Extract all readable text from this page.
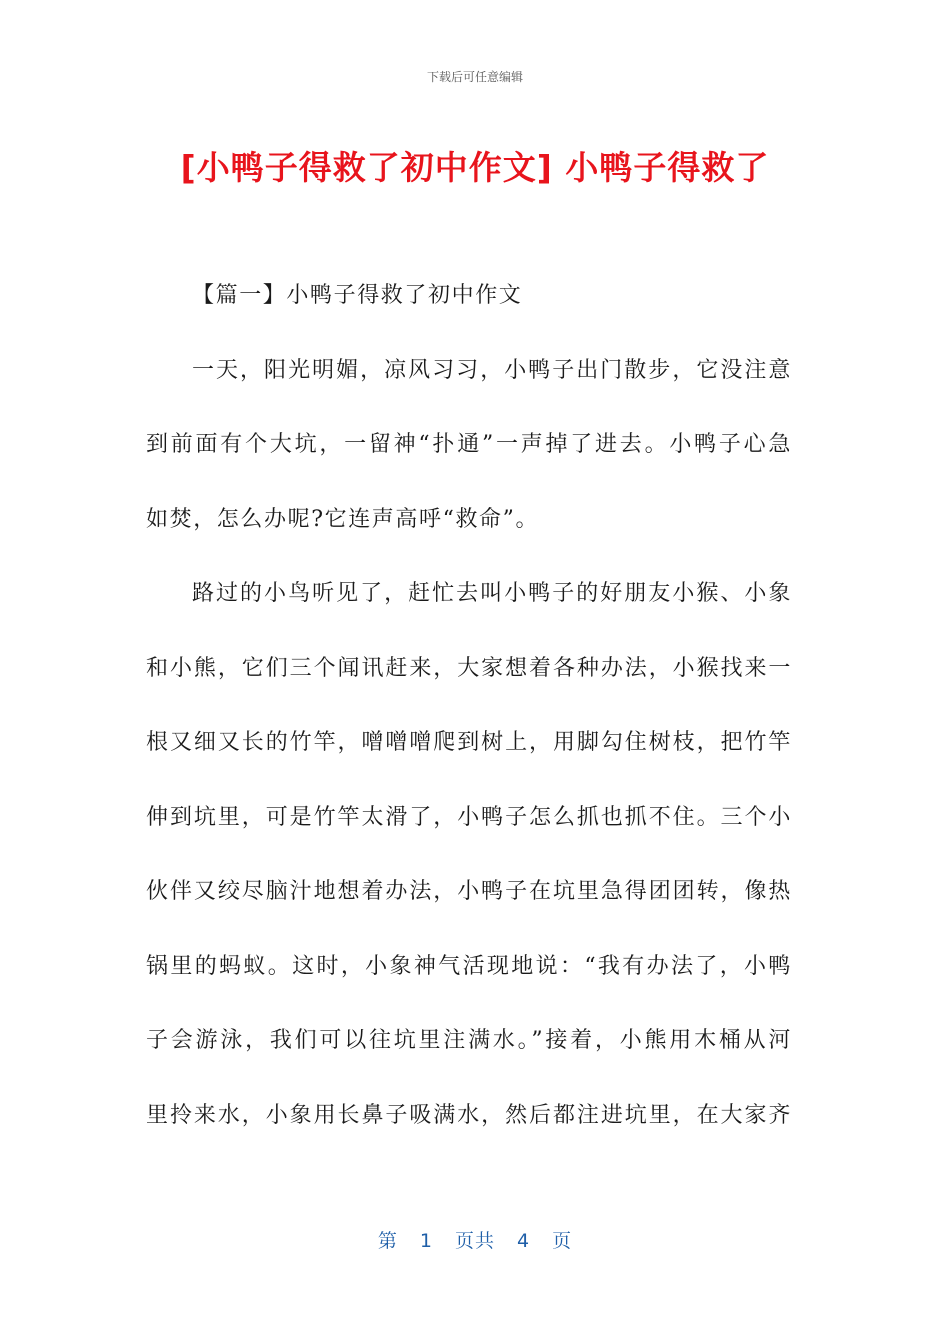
下载后可任意编辑
[小鸭子得救了初中作文] 小鸭子得救了
【篇一】小鸭子得救了初中作文
一天，阳光明媚，凉风习习，小鸭子出门散步，它没注意
到前面有个大坑，一留神“扑通”一声掉了进去。小鸭子心急
如焚，怎么办呢?它连声高呼“救命”。
路过的小鸟听见了，赶忙去叫小鸭子的好朋友小猴、小象
和小熊，它们三个闻讯赶来，大家想着各种办法，小猴找来一
根又细又长的竹竿，噌噌噌爬到树上，用脚勾住树枝，把竹竿
伸到坑里，可是竹竿太滑了，小鸭子怎么抓也抓不住。三个小
伙伴又绞尽脑汁地想着办法，小鸭子在坑里急得团团转，像热
锅里的蚂蚁。这时，小象神气活现地说：“我有办法了，小鸭
子会游泳，我们可以往坑里注满水。”接着，小熊用木桶从河
里拎来水，小象用长鼻子吸满水，然后都注进坑里，在大家齐
第 1 页共 4 页
